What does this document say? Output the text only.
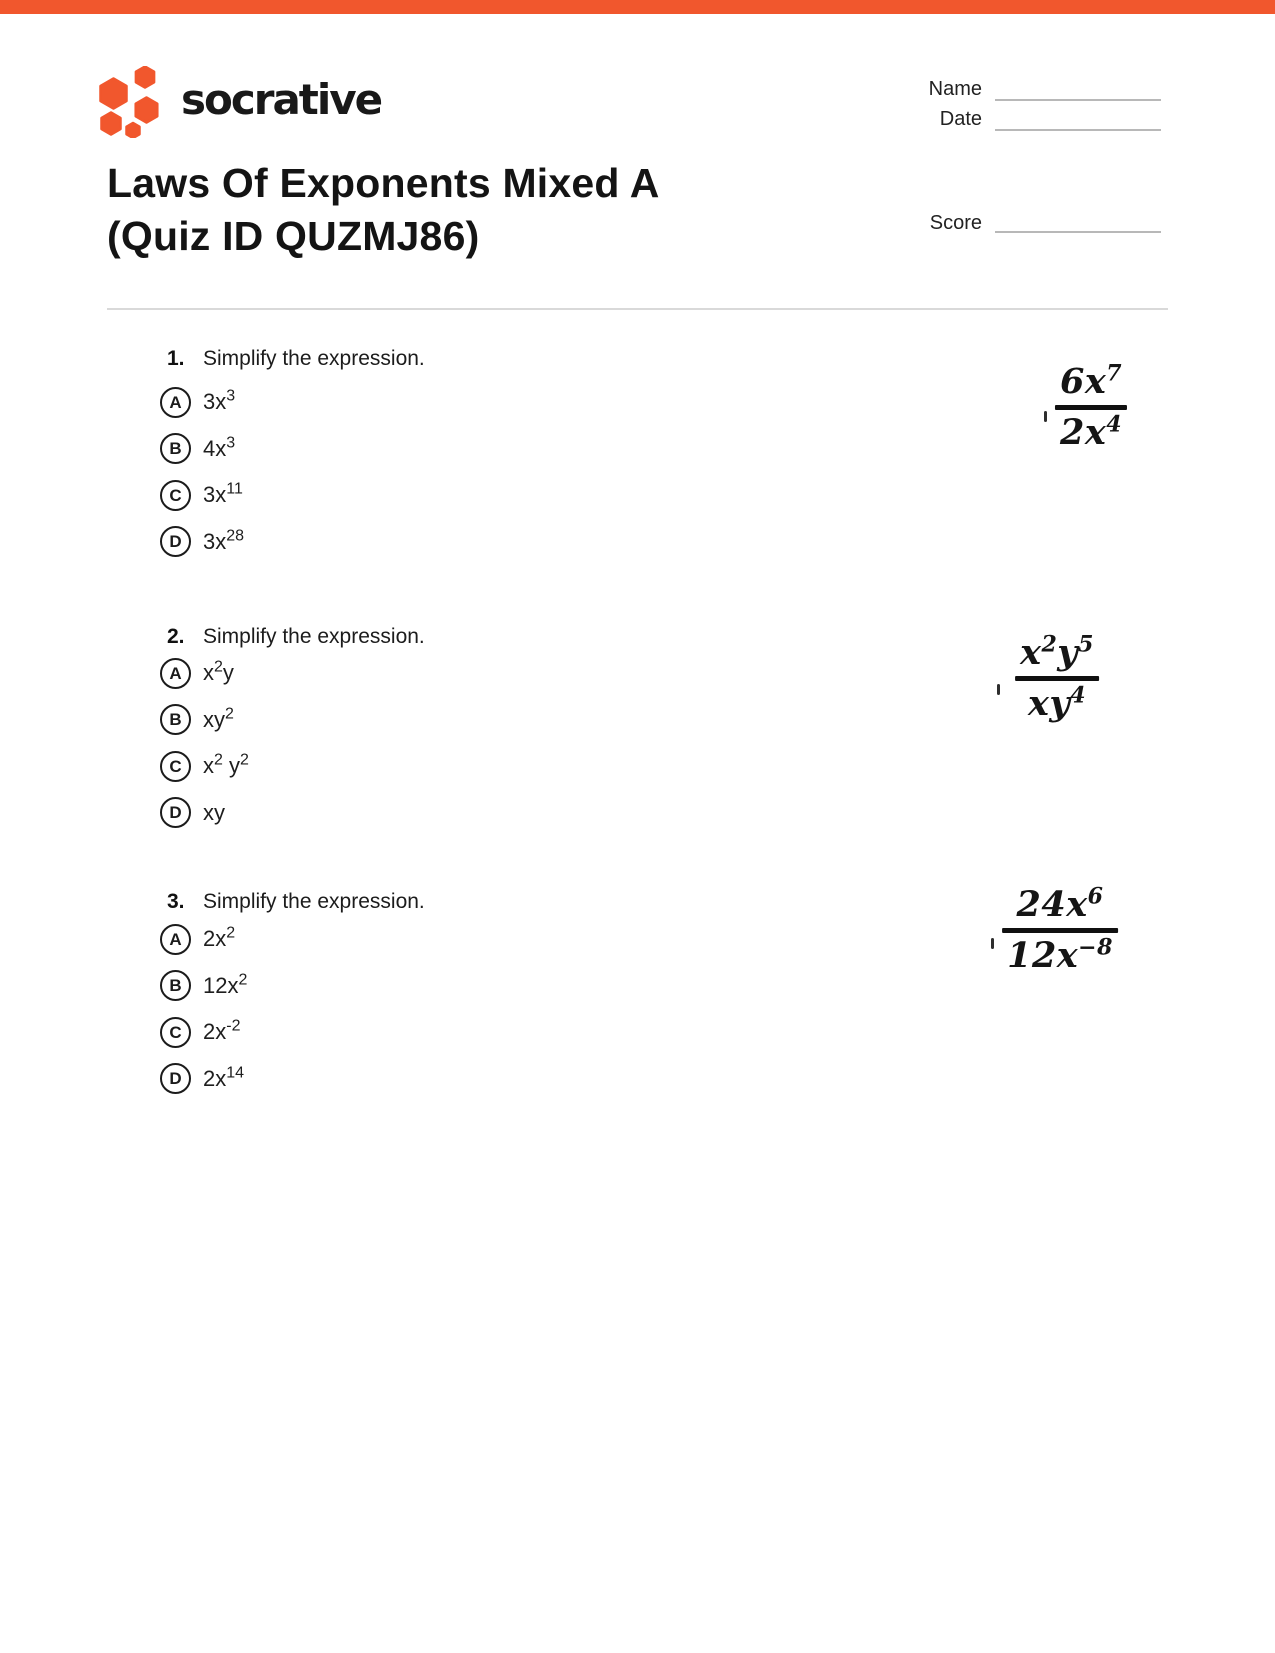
socrative	Name
Date
Score
Laws Of Exponents Mixed A
(Quiz ID QUZMJ86)
1. Simplify the expression.
A $3x^3$
B $4x^3$
C $3x^{11}$
D $3x^{28}$
$6x^7$
$2x^4$
2. Simplify the expression.
A $x^2y$
B $xy^2$
C $x^2$ $y^2$
D xy
$x^2y^5$
$xy^4$
3. Simplify the expression.
A $2x^2$
B $12x^2$
C $2x^{-2}$
D $2x^{14}$
$24x^6$
$12x^{-8}$
